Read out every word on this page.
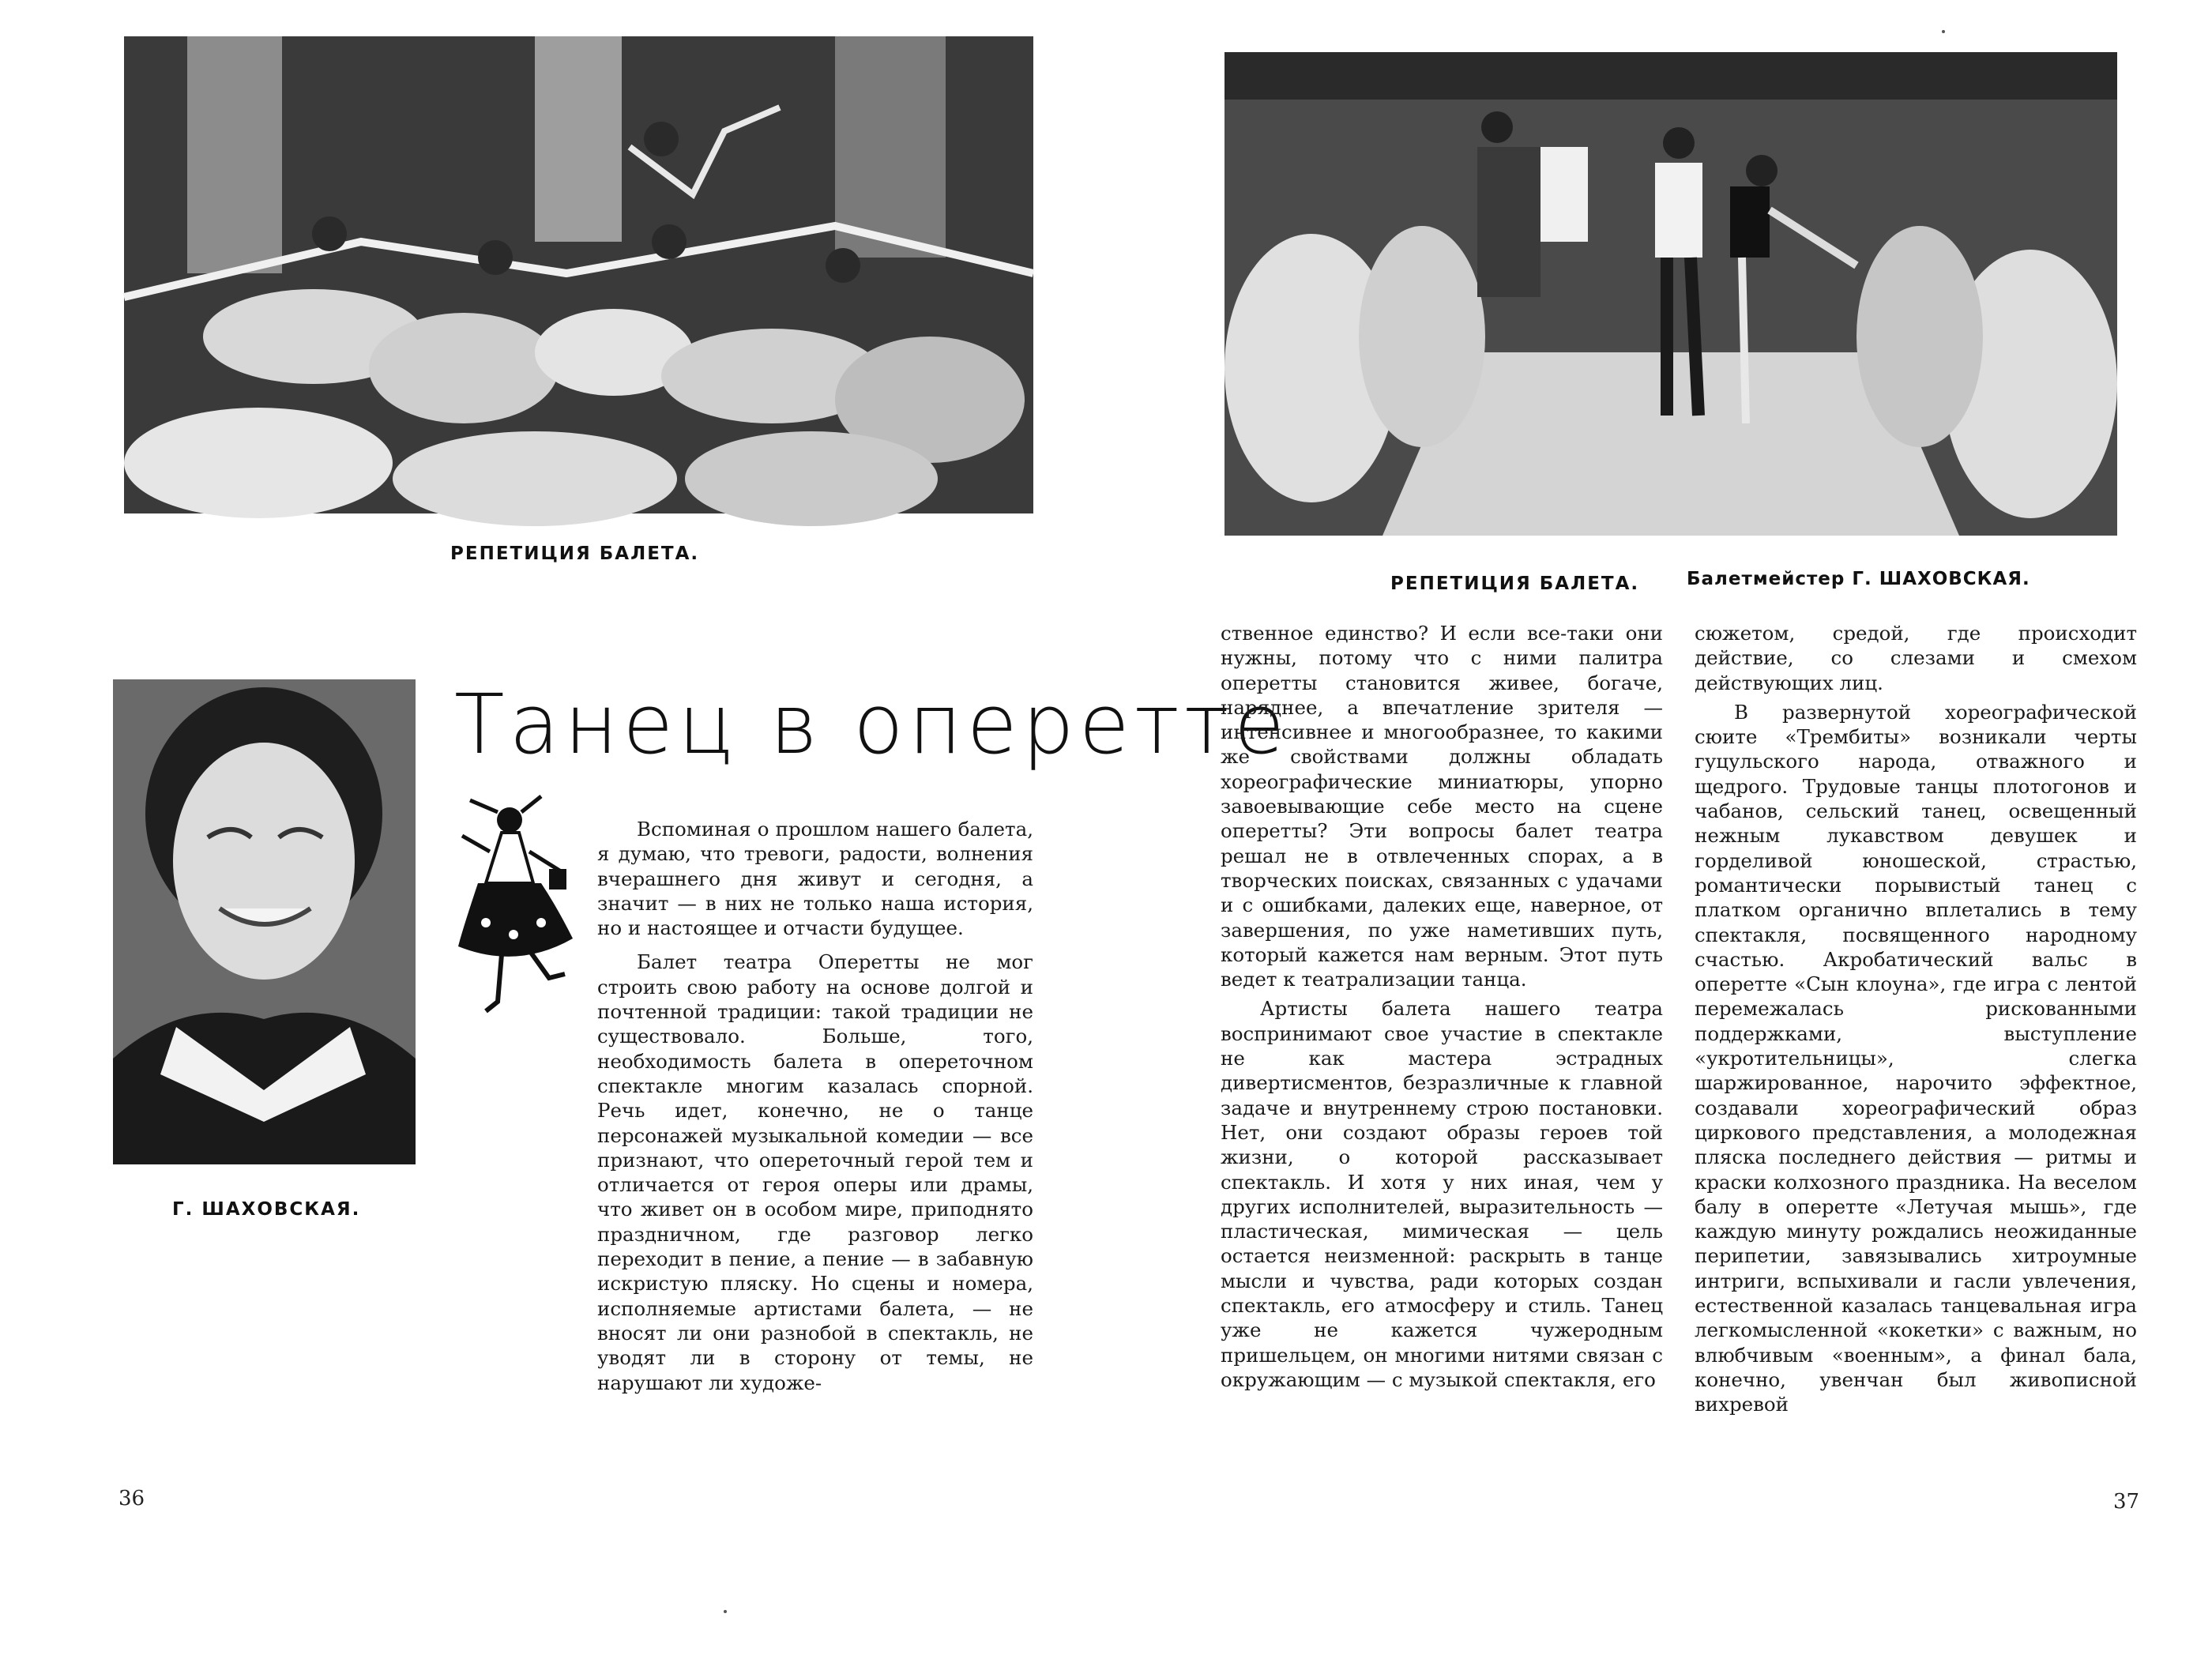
РЕПЕТИЦИЯ БАЛЕТА.
Г. ШАХОВСКАЯ.
Танец в оперетте

Вспоминая о прошлом нашего балета, я думаю, что тревоги, радости, волнения вчерашнего дня живут и сегодня, а значит — в них не только наша история, но и настоящее и отчасти будущее.

Балет театра Оперетты не мог строить свою работу на основе долгой и почтенной традиции: такой традиции не существовало. Больше, того, необходимость балета в опереточном спектакле многим казалась спорной. Речь идет, конечно, не о танце персонажей музыкальной комедии — все признают, что опереточный герой тем и отличается от героя оперы или драмы, что живет он в особом мире, приподнято праздничном, где разговор легко переходит в пение, а пение — в забавную искристую пляску. Но сцены и номера, исполняемые артистами балета, — не вносят ли они разнобой в спектакль, не уводят ли в сторону от темы, не нарушают ли художе-

36
РЕПЕТИЦИЯ БАЛЕТА.	Балетмейстер Г. ШАХОВСКАЯ.

ственное единство? И если все-таки они нужны, потому что с ними палитра оперетты становится живее, богаче, наряднее, а впечатление зрителя — интенсивнее и многообразнее, то какими же свойствами должны обладать хореографические миниатюры, упорно завоевывающие себе место на сцене оперетты? Эти вопросы балет театра решал не в отвлеченных спорах, а в творческих поисках, связанных с удачами и с ошибками, далеких еще, наверное, от завершения, по уже наметивших путь, который кажется нам верным. Этот путь ведет к театрализации танца.

Артисты балета нашего театра воспринимают свое участие в спектакле не как мастера эстрадных дивертисментов, безразличные к главной задаче и внутреннему строю постановки. Нет, они создают образы героев той жизни, о которой рассказывает спектакль. И хотя у них иная, чем у других исполнителей, выразительность — пластическая, мимическая — цель остается неизменной: раскрыть в танце мысли и чувства, ради которых создан спектакль, его атмосферу и стиль. Танец уже не кажется чужеродным пришельцем, он многими нитями связан с окружающим — с музыкой спектакля, его

сюжетом, средой, где происходит действие, со слезами и смехом действующих лиц.

В развернутой хореографической сюите «Трембиты» возникали черты гуцульского народа, отважного и щедрого. Трудовые танцы плотогонов и чабанов, сельский танец, освещенный нежным лукавством девушек и горделивой юношеской, страстью, романтически порывистый танец с платком органично вплетались в тему спектакля, посвященного народному счастью. Акробатический вальс в оперетте «Сын клоуна», где игра с лентой перемежалась рискованными поддержками, выступление «укротительницы», слегка шаржированное, нарочито эффектное, создавали хореографический образ циркового представления, а молодежная пляска последнего действия — ритмы и краски колхозного праздника. На веселом балу в оперетте «Летучая мышь», где каждую минуту рождались неожиданные перипетии, завязывались хитроумные интриги, вспыхивали и гасли увлечения, естественной казалась танцевальная игра легкомысленной «кокетки» с важным, но влюбчивым «военным», а финал бала, конечно, увенчан был живописной вихревой

37
